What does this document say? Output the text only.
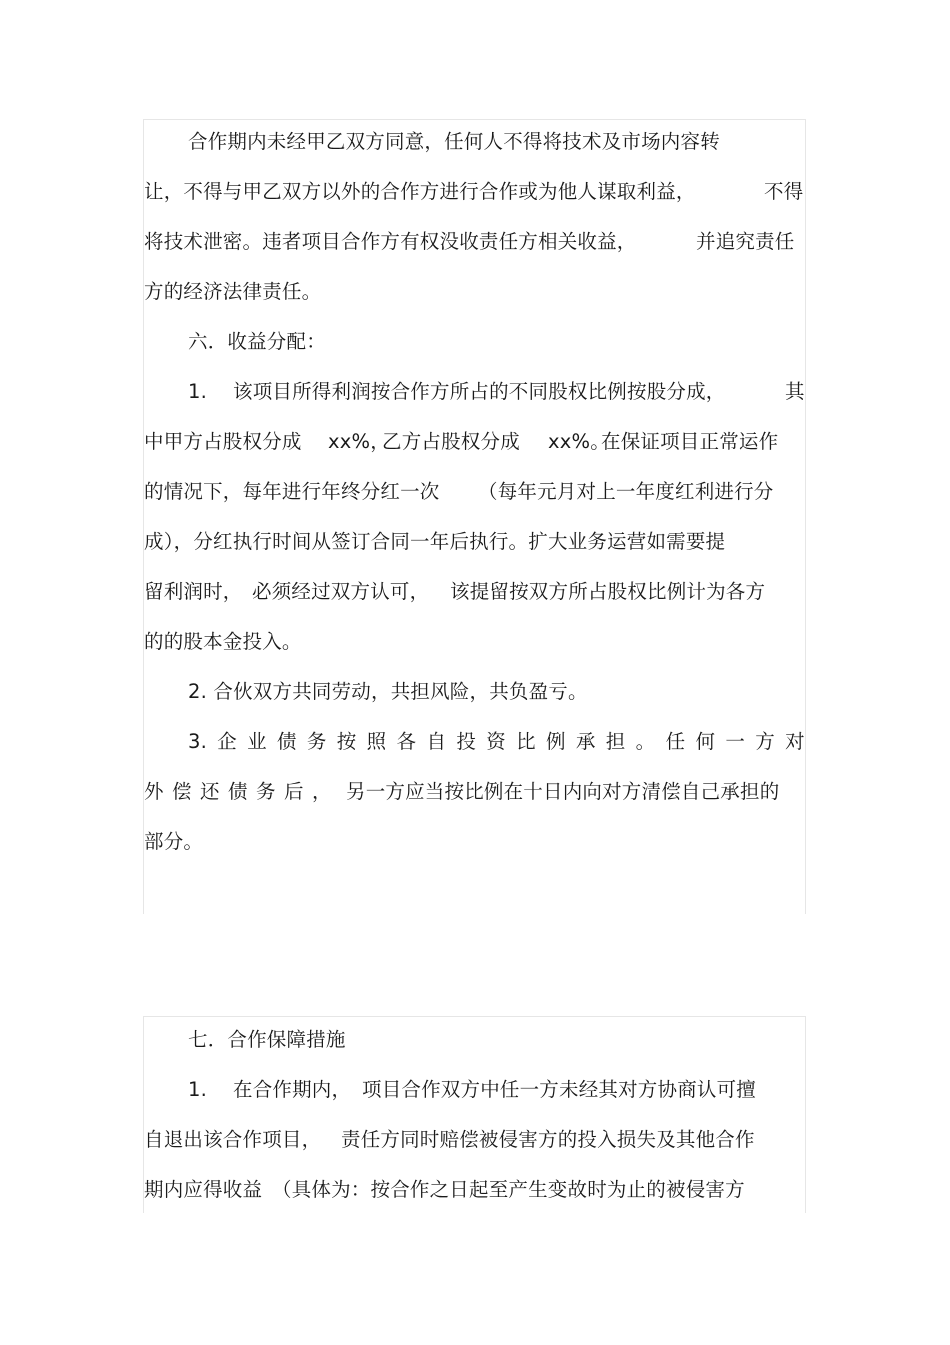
合作期内未经甲乙双方同意，任何人不得将技术及市场内容转
让，不得与甲乙双方以外的合作方进行合作或为他人谋取利益，	不得
将技术泄密。违者项目合作方有权没收责任方相关收益，	并追究责任
方的经济法律责任。
六．收益分配：
1. 该项目所得利润按合作方所占的不同股权比例按股分成，	其
中甲方占股权分成 xx%，
乙方占股权分成 xx%。
在保证项目正常运作
的情况下，每年进行年终分红一次 （每年元月对上一年度红利进行分
成），分红执行时间从签订合同一年后执行。扩大业务运营如需要提
留利润时， 必须经过双方认可， 该提留按双方所占股权比例计为各方
的的股本金投入。
2. 合伙双方共同劳动，共担风险，共负盈亏。
3. 企 业 债 务 按 照 各 自 投 资 比 例 承 担 。 任 何 一 方 对
外 偿 还 债 务 后 ， 另一方应当按比例在十日内向对方清偿自己承担的
部分。
七．合作保障措施
1. 在合作期内， 项目合作双方中任一方未经其对方协商认可擅
自退出该合作项目， 责任方同时赔偿被侵害方的投入损失及其他合作
期内应得收益 （具体为：按合作之日起至产生变故时为止的被侵害方
